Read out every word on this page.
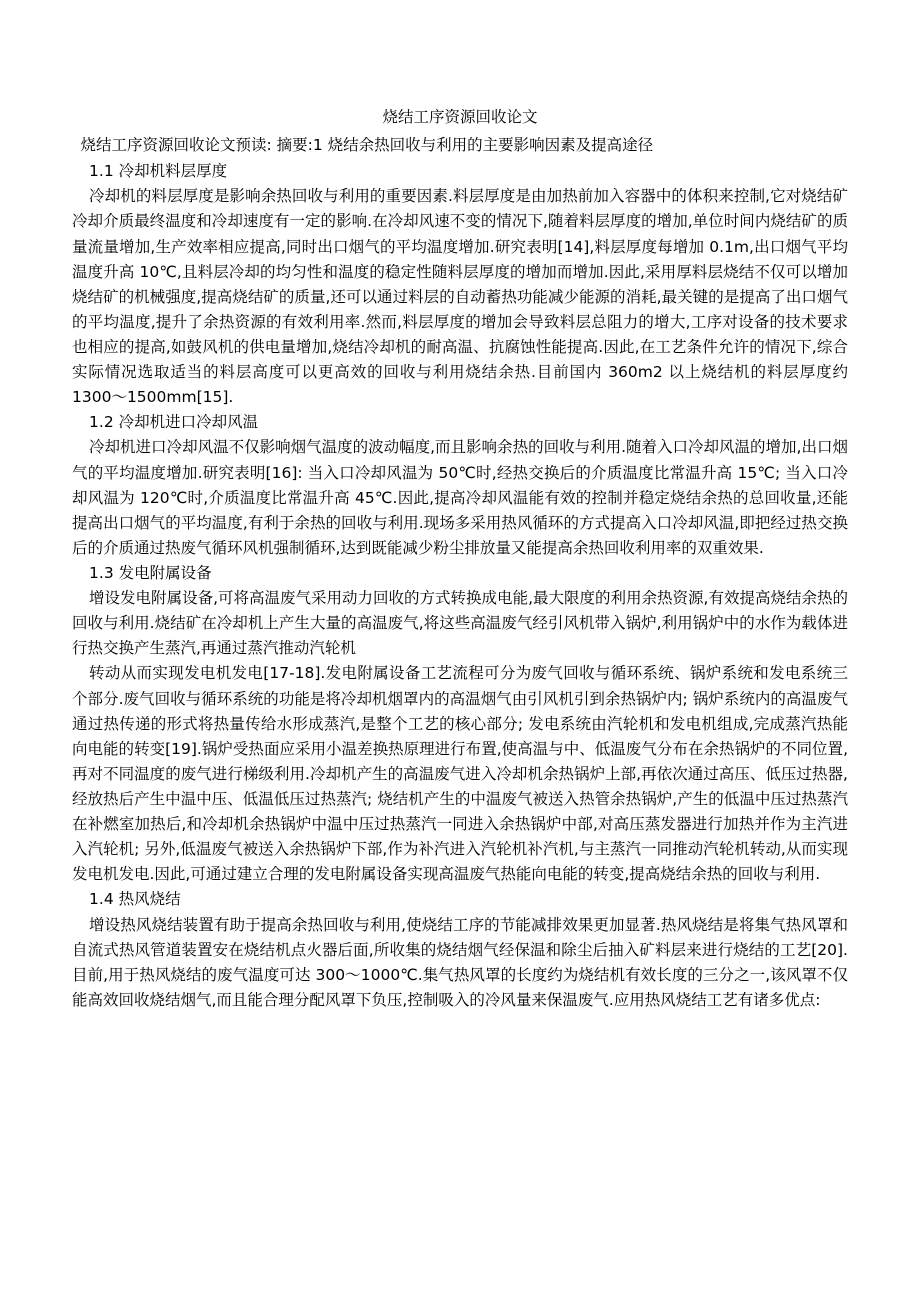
烧结工序资源回收论文
烧结工序资源回收论文预读: 摘要:1 烧结余热回收与利用的主要影响因素及提高途径
1.1 冷却机料层厚度
冷却机的料层厚度是影响余热回收与利用的重要因素.料层厚度是由加热前加入容器中的体积来控制,它对烧结矿冷却介质最终温度和冷却速度有一定的影响.在冷却风速不变的情况下,随着料层厚度的增加,单位时间内烧结矿的质量流量增加,生产效率相应提高,同时出口烟气的平均温度增加.研究表明[14],料层厚度每增加 0.1m,出口烟气平均温度升高 10℃,且料层冷却的均匀性和温度的稳定性随料层厚度的增加而增加.因此,采用厚料层烧结不仅可以增加烧结矿的机械强度,提高烧结矿的质量,还可以通过料层的自动蓄热功能减少能源的消耗,最关键的是提高了出口烟气的平均温度,提升了余热资源的有效利用率.然而,料层厚度的增加会导致料层总阻力的增大,工序对设备的技术要求也相应的提高,如鼓风机的供电量增加,烧结冷却机的耐高温、抗腐蚀性能提高.因此,在工艺条件允许的情况下,综合实际情况选取适当的料层高度可以更高效的回收与利用烧结余热.目前国内 360m2 以上烧结机的料层厚度约 1300～1500mm[15].
1.2 冷却机进口冷却风温
冷却机进口冷却风温不仅影响烟气温度的波动幅度,而且影响余热的回收与利用.随着入口冷却风温的增加,出口烟气的平均温度增加.研究表明[16]: 当入口冷却风温为 50℃时,经热交换后的介质温度比常温升高 15℃; 当入口冷却风温为 120℃时,介质温度比常温升高 45℃.因此,提高冷却风温能有效的控制并稳定烧结余热的总回收量,还能提高出口烟气的平均温度,有利于余热的回收与利用.现场多采用热风循环的方式提高入口冷却风温,即把经过热交换后的介质通过热废气循环风机强制循环,达到既能减少粉尘排放量又能提高余热回收利用率的双重效果.
1.3 发电附属设备
增设发电附属设备,可将高温废气采用动力回收的方式转换成电能,最大限度的利用余热资源,有效提高烧结余热的回收与利用.烧结矿在冷却机上产生大量的高温废气,将这些高温废气经引风机带入锅炉,利用锅炉中的水作为载体进行热交换产生蒸汽,再通过蒸汽推动汽轮机
转动从而实现发电机发电[17-18].发电附属设备工艺流程可分为废气回收与循环系统、锅炉系统和发电系统三个部分.废气回收与循环系统的功能是将冷却机烟罩内的高温烟气由引风机引到余热锅炉内; 锅炉系统内的高温废气通过热传递的形式将热量传给水形成蒸汽,是整个工艺的核心部分; 发电系统由汽轮机和发电机组成,完成蒸汽热能向电能的转变[19].锅炉受热面应采用小温差换热原理进行布置,使高温与中、低温废气分布在余热锅炉的不同位置,再对不同温度的废气进行梯级利用.冷却机产生的高温废气进入冷却机余热锅炉上部,再依次通过高压、低压过热器,经放热后产生中温中压、低温低压过热蒸汽; 烧结机产生的中温废气被送入热管余热锅炉,产生的低温中压过热蒸汽在补燃室加热后,和冷却机余热锅炉中温中压过热蒸汽一同进入余热锅炉中部,对高压蒸发器进行加热并作为主汽进入汽轮机; 另外,低温废气被送入余热锅炉下部,作为补汽进入汽轮机补汽机,与主蒸汽一同推动汽轮机转动,从而实现发电机发电.因此,可通过建立合理的发电附属设备实现高温废气热能向电能的转变,提高烧结余热的回收与利用.
1.4 热风烧结
增设热风烧结装置有助于提高余热回收与利用,使烧结工序的节能减排效果更加显著.热风烧结是将集气热风罩和自流式热风管道装置安在烧结机点火器后面,所收集的烧结烟气经保温和除尘后抽入矿料层来进行烧结的工艺[20].目前,用于热风烧结的废气温度可达 300～1000℃.集气热风罩的长度约为烧结机有效长度的三分之一,该风罩不仅能高效回收烧结烟气,而且能合理分配风罩下负压,控制吸入的冷风量来保温废气.应用热风烧结工艺有诸多优点:
